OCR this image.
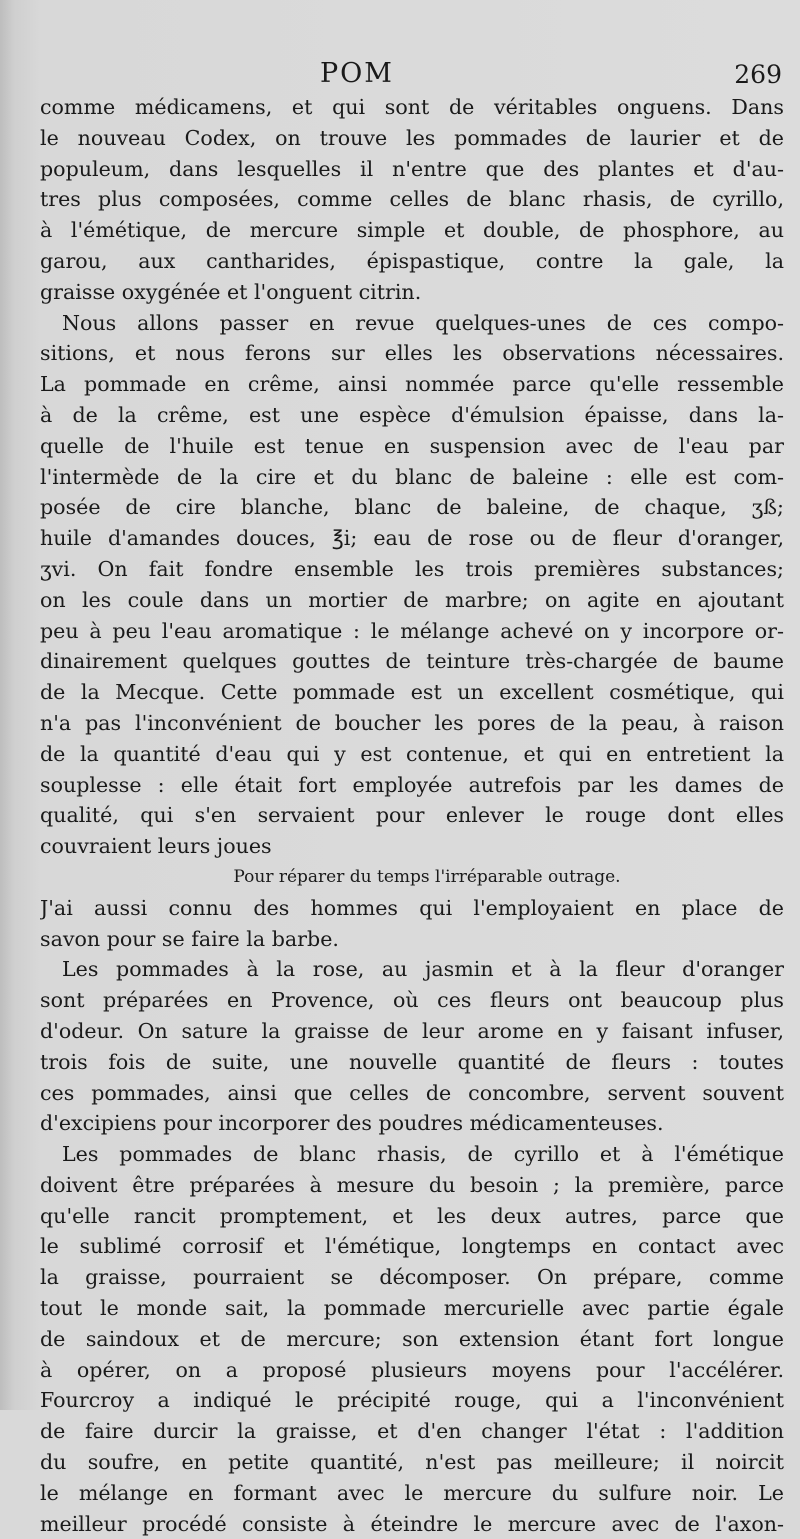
POM	269
comme médicamens, et qui sont de véritables onguens. Dans
le nouveau Codex, on trouve les pommades de laurier et de
populeum, dans lesquelles il n'entre que des plantes et d'au-
tres plus composées, comme celles de blanc rhasis, de cyrillo,
à l'émétique, de mercure simple et double, de phosphore, au
garou, aux cantharides, épispastique, contre la gale, la
graisse oxygénée et l'onguent citrin.
Nous allons passer en revue quelques-unes de ces compo-
sitions, et nous ferons sur elles les observations nécessaires.
La pommade en crême, ainsi nommée parce qu'elle ressemble
à de la crême, est une espèce d'émulsion épaisse, dans la-
quelle de l'huile est tenue en suspension avec de l'eau par
l'intermède de la cire et du blanc de baleine : elle est com-
posée de cire blanche, blanc de baleine, de chaque, ʒß;
huile d'amandes douces, ℥i; eau de rose ou de fleur d'oranger,
ʒvi. On fait fondre ensemble les trois premières substances;
on les coule dans un mortier de marbre; on agite en ajoutant
peu à peu l'eau aromatique : le mélange achevé on y incorpore or-
dinairement quelques gouttes de teinture très-chargée de baume
de la Mecque. Cette pommade est un excellent cosmétique, qui
n'a pas l'inconvénient de boucher les pores de la peau, à raison
de la quantité d'eau qui y est contenue, et qui en entretient la
souplesse : elle était fort employée autrefois par les dames de
qualité, qui s'en servaient pour enlever le rouge dont elles
couvraient leurs joues
Pour réparer du temps l'irréparable outrage.
J'ai aussi connu des hommes qui l'employaient en place de
savon pour se faire la barbe.
Les pommades à la rose, au jasmin et à la fleur d'oranger
sont préparées en Provence, où ces fleurs ont beaucoup plus
d'odeur. On sature la graisse de leur arome en y faisant infuser,
trois fois de suite, une nouvelle quantité de fleurs : toutes
ces pommades, ainsi que celles de concombre, servent souvent
d'excipiens pour incorporer des poudres médicamenteuses.
Les pommades de blanc rhasis, de cyrillo et à l'émétique
doivent être préparées à mesure du besoin ; la première, parce
qu'elle rancit promptement, et les deux autres, parce que
le sublimé corrosif et l'émétique, longtemps en contact avec
la graisse, pourraient se décomposer. On prépare, comme
tout le monde sait, la pommade mercurielle avec partie égale
de saindoux et de mercure; son extension étant fort longue
à opérer, on a proposé plusieurs moyens pour l'accélérer.
Fourcroy a indiqué le précipité rouge, qui a l'inconvénient
de faire durcir la graisse, et d'en changer l'état : l'addition
du soufre, en petite quantité, n'est pas meilleure; il noircit
le mélange en formant avec le mercure du sulfure noir. Le
meilleur procédé consiste à éteindre le mercure avec de l'axon-
